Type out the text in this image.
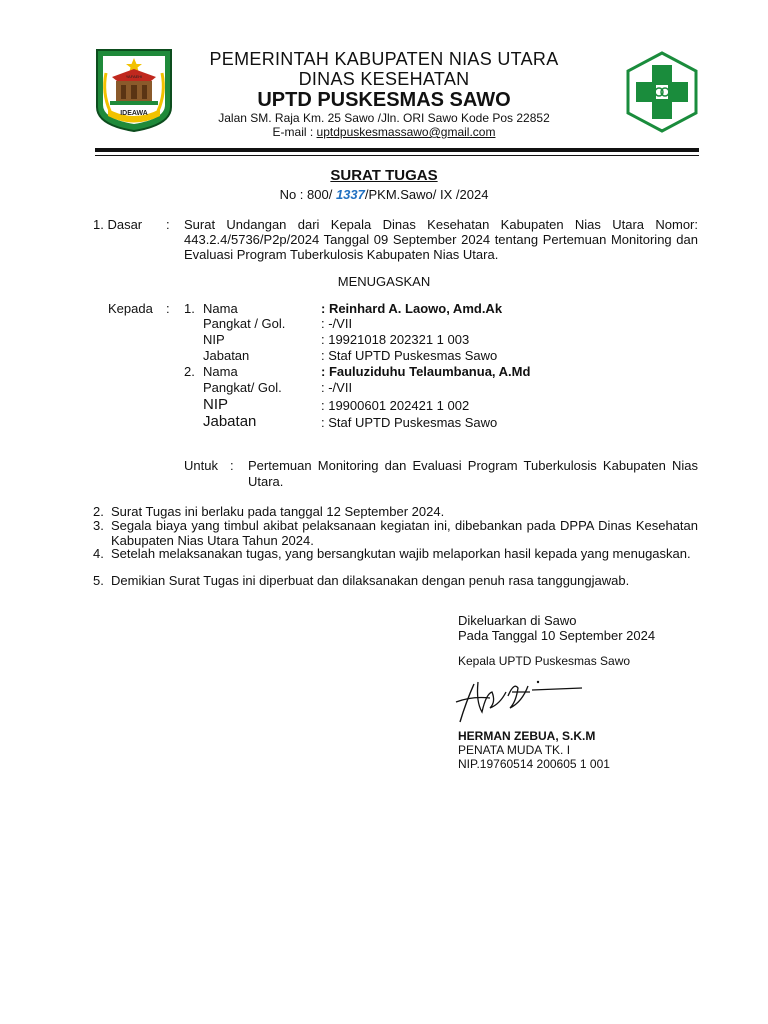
IDEAWA
YAFAEHI
PEMERINTAH KABUPATEN NIAS UTARA
DINAS KESEHATAN
UPTD PUSKESMAS SAWO
Jalan SM. Raja Km. 25 Sawo /Jln. ORI Sawo Kode Pos 22852
E-mail : uptdpuskesmassawo@gmail.com
SURAT TUGAS
No : 800/ 1337/PKM.Sawo/ IX /2024
1. Dasar : Surat Undangan dari Kepala Dinas Kesehatan Kabupaten Nias Utara Nomor: 443.2.4/5736/P2p/2024 Tanggal 09 September 2024 tentang Pertemuan Monitoring dan Evaluasi Program Tuberkulosis Kabupaten Nias Utara.
MENUGASKAN
Kepada : 1. Nama	: Reinhard A. Laowo, Amd.Ak
Pangkat / Gol.	: -/VII
NIP	: 19921018 202321 1 003
Jabatan	: Staf UPTD Puskesmas Sawo
2. Nama	: Fauluziduhu Telaumbanua, A.Md
Pangkat/ Gol.	: -/VII
NIP	: 19900601 202421 1 002
Jabatan	: Staf UPTD Puskesmas Sawo
Untuk : Pertemuan Monitoring dan Evaluasi Program Tuberkulosis Kabupaten Nias Utara.
2. Surat Tugas ini berlaku pada tanggal 12 September 2024.
3. Segala biaya yang timbul akibat pelaksanaan kegiatan ini, dibebankan pada DPPA Dinas Kesehatan Kabupaten Nias Utara Tahun 2024.
4. Setelah melaksanakan tugas, yang bersangkutan wajib melaporkan hasil kepada yang menugaskan.
5. Demikian Surat Tugas ini diperbuat dan dilaksanakan dengan penuh rasa tanggungjawab.
Dikeluarkan di Sawo
Pada Tanggal 10 September 2024
Kepala UPTD Puskesmas Sawo
HERMAN ZEBUA, S.K.M
PENATA MUDA TK. I
NIP.19760514 200605 1 001
